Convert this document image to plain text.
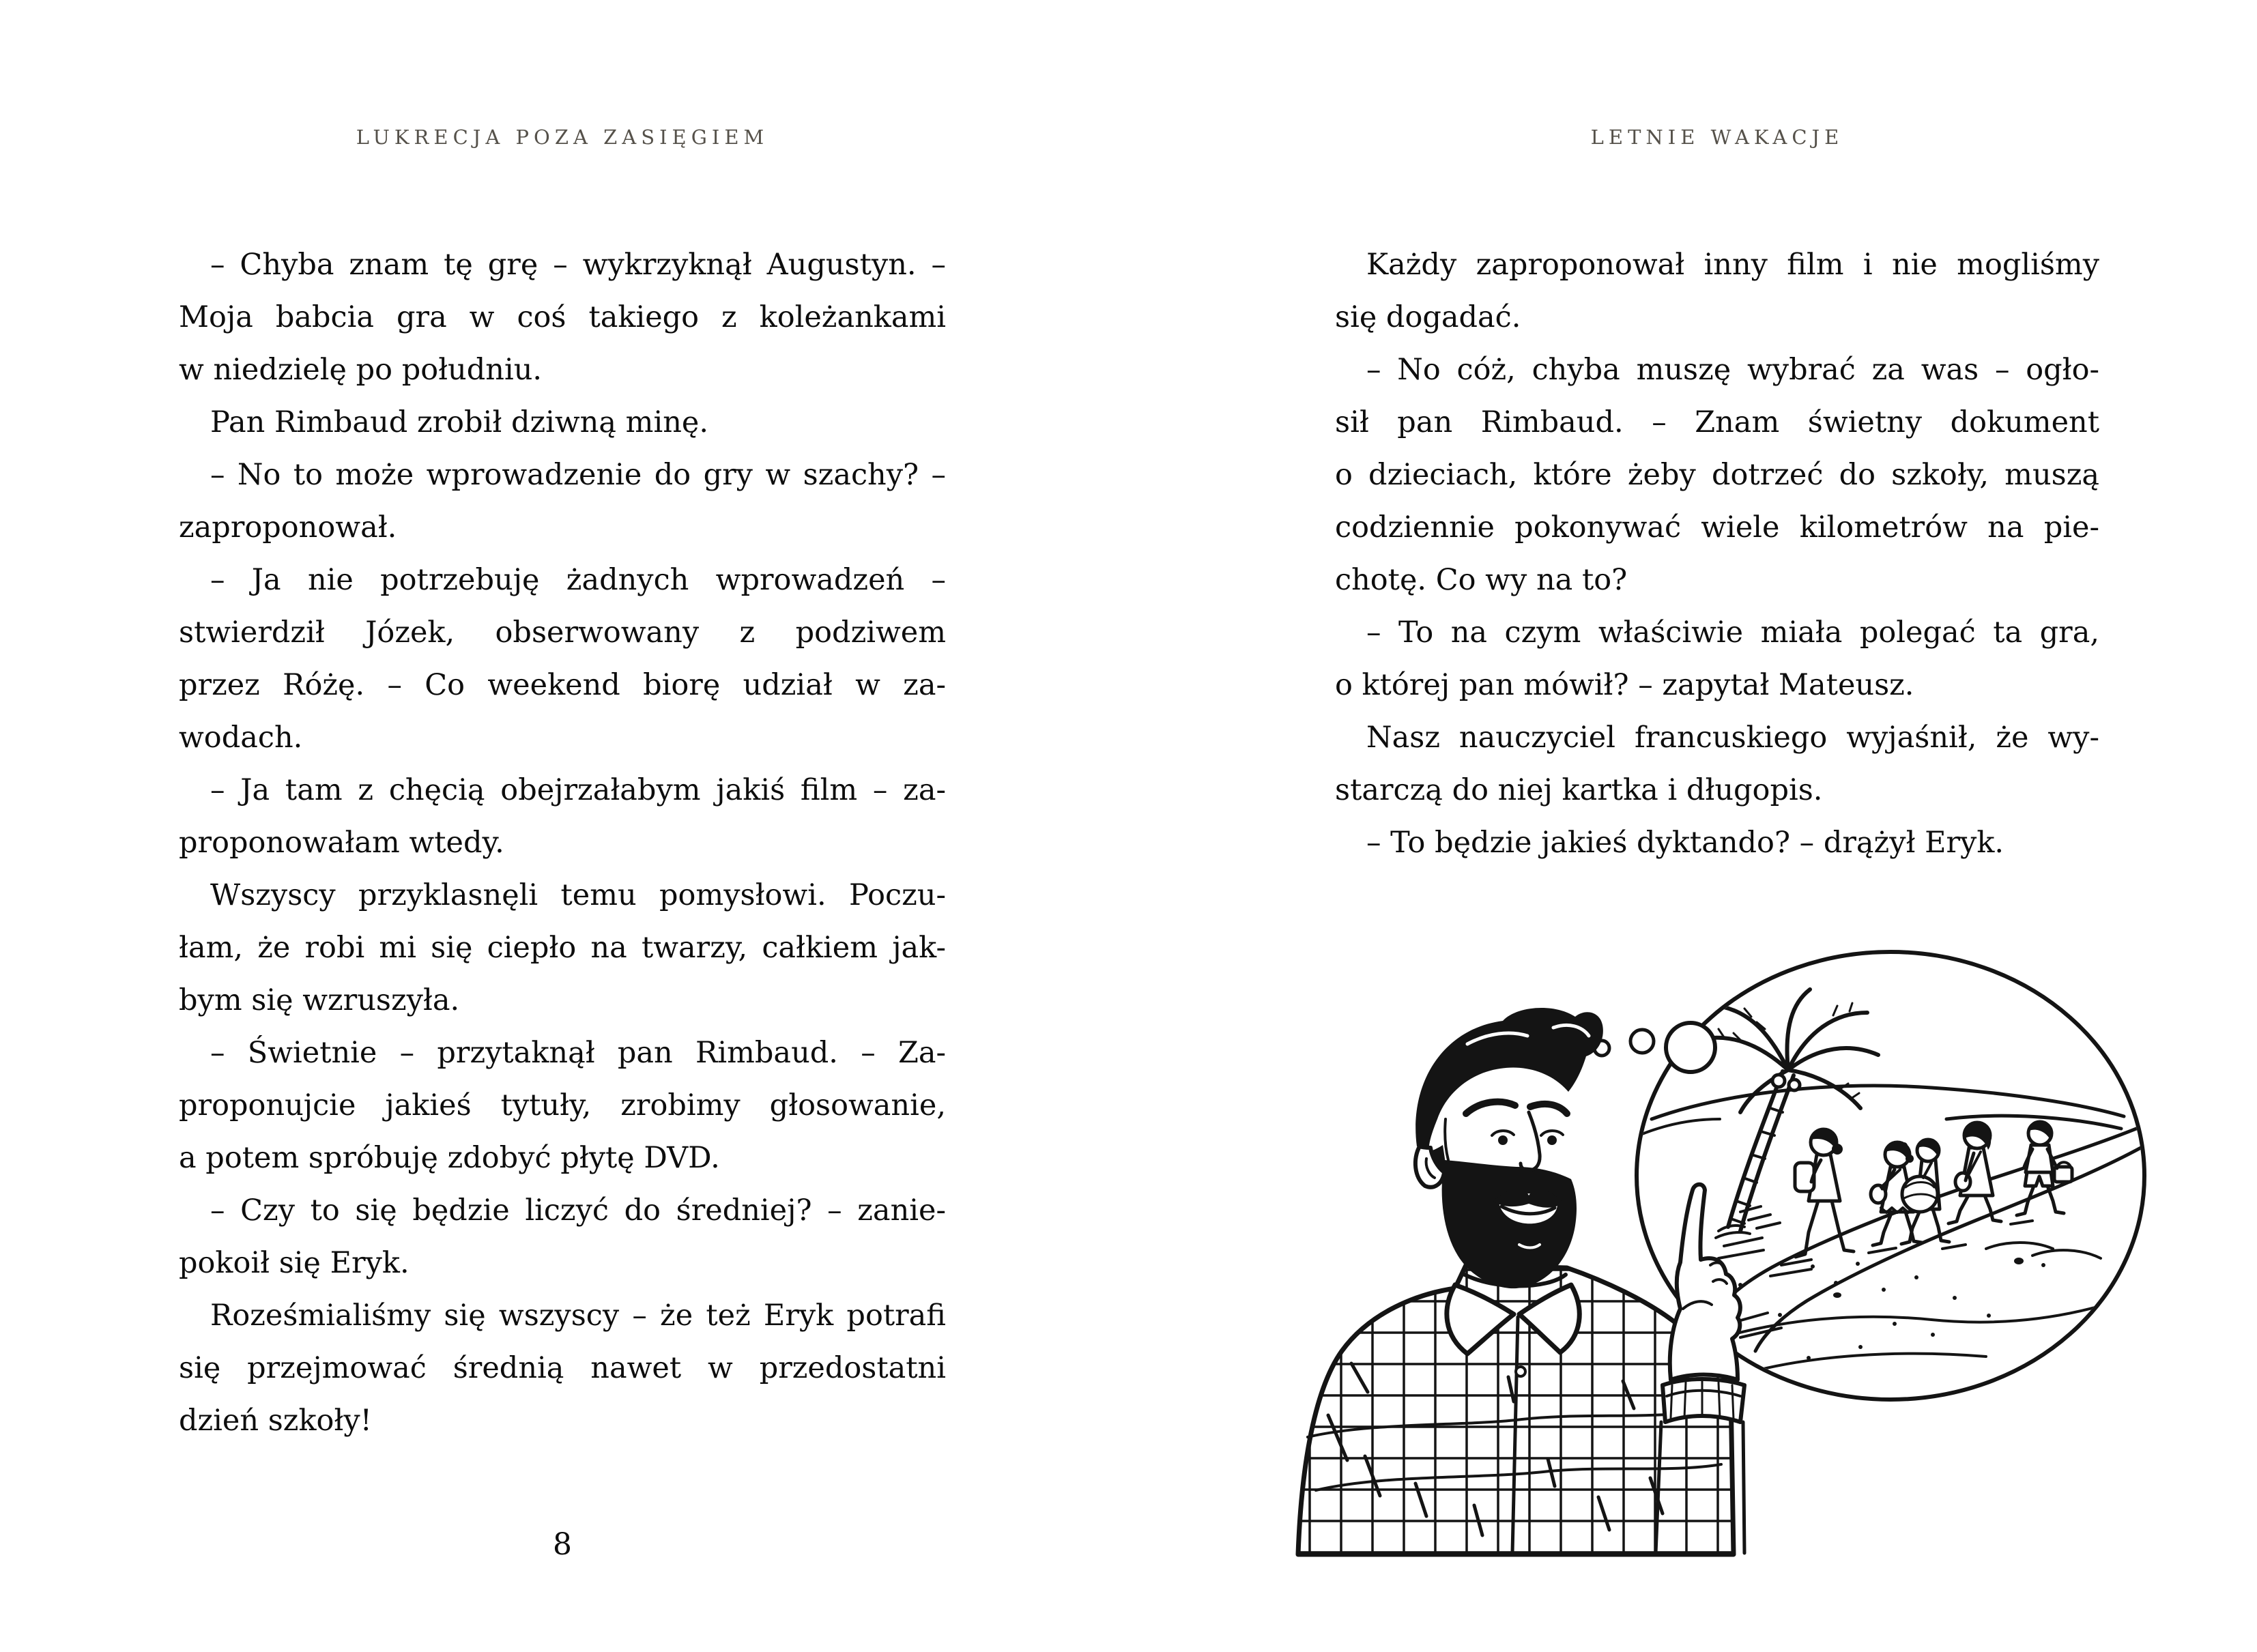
LUKRECJA POZA ZASIĘGIEM	LETNIE WAKACJE
– Chyba znam tę grę – wykrzyknął Augustyn. –
Moja babcia gra w coś takiego z koleżankami
w niedzielę po południu.
Pan Rimbaud zrobił dziwną minę.
– No to może wprowadzenie do gry w szachy? –
zaproponował.
– Ja nie potrzebuję żadnych wprowadzeń –
stwierdził Józek, obserwowany z podziwem
przez Różę. – Co weekend biorę udział w za-
wodach.
– Ja tam z chęcią obejrzałabym jakiś film – za-
proponowałam wtedy.
Wszyscy przyklasnęli temu pomysłowi. Poczu-
łam, że robi mi się ciepło na twarzy, całkiem jak-
bym się wzruszyła.
– Świetnie – przytaknął pan Rimbaud. – Za-
proponujcie jakieś tytuły, zrobimy głosowanie,
a potem spróbuję zdobyć płytę DVD.
– Czy to się będzie liczyć do średniej? – zanie-
pokoił się Eryk.
Roześmialiśmy się wszyscy – że też Eryk potrafi
się przejmować średnią nawet w przedostatni
dzień szkoły!
Każdy zaproponował inny film i nie mogliśmy
się dogadać.
– No cóż, chyba muszę wybrać za was – ogło-
sił pan Rimbaud. – Znam świetny dokument
o dzieciach, które żeby dotrzeć do szkoły, muszą
codziennie pokonywać wiele kilometrów na pie-
chotę. Co wy na to?
– To na czym właściwie miała polegać ta gra,
o której pan mówił? – zapytał Mateusz.
Nasz nauczyciel francuskiego wyjaśnił, że wy-
starczą do niej kartka i długopis.
– To będzie jakieś dyktando? – drążył Eryk.
8
